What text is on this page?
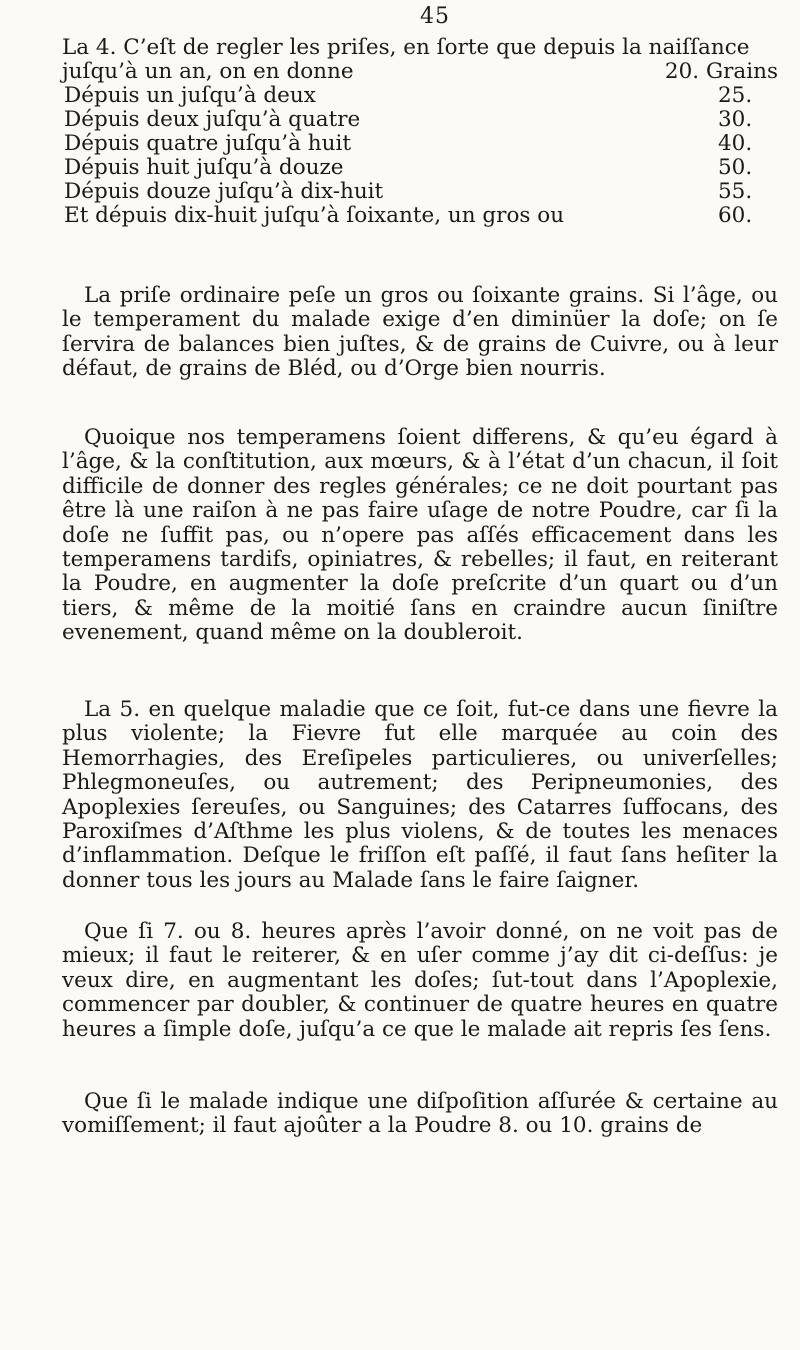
45
La 4. C’eſt de regler les priſes, en ſorte que depuis la naiſſance
juſqu’à un an, on en donne	20. Grains
Dépuis un juſqu’à deux	25.
Dépuis deux juſqu’à quatre	30.
Dépuis quatre juſqu’à huit	40.
Dépuis huit juſqu’à douze	50.
Dépuis douze juſqu’à dix-huit	55.
Et dépuis dix-huit juſqu’à ſoixante, un gros ou	60.

La priſe ordinaire peſe un gros ou ſoixante grains. Si l’âge, ou le temperament du malade exige d’en diminüer la doſe; on ſe ſervira de balances bien juſtes, & de grains de Cuivre, ou à leur défaut, de grains de Bléd, ou d’Orge bien nourris.

Quoique nos temperamens ſoient differens, & qu’eu égard à l’âge, & la conſtitution, aux mœurs, & à l’état d’un chacun, il ſoit difficile de donner des regles générales; ce ne doit pourtant pas être là une raiſon à ne pas faire uſage de notre Poudre, car ſi la doſe ne ſuffit pas, ou n’opere pas aſſés efficacement dans les temperamens tardifs, opiniatres, & rebelles; il faut, en reiterant la Poudre, en augmenter la doſe preſcrite d’un quart ou d’un tiers, & même de la moitié ſans en craindre aucun ſiniſtre evenement, quand même on la doubleroit.

La 5. en quelque maladie que ce ſoit, fut-ce dans une fievre la plus violente; la Fievre fut elle marquée au coin des Hemorrhagies, des Ereſipeles particulieres, ou univerſelles; Phlegmoneuſes, ou autrement; des Peripneumonies, des Apoplexies ſereuſes, ou Sanguines; des Catarres ſuffocans, des Paroxiſmes d’Aſthme les plus violens, & de toutes les menaces d’inflammation. Deſque le friſſon eſt paſſé, il faut ſans heſiter la donner tous les jours au Malade ſans le faire ſaigner.

Que ſi 7. ou 8. heures après l’avoir donné, on ne voit pas de mieux; il faut le reiterer, & en uſer comme j’ay dit ci-deſſus: je veux dire, en augmentant les doſes; ſut-tout dans l’Apoplexie, commencer par doubler, & continuer de quatre heures en quatre heures a ſimple doſe, juſqu’a ce que le malade ait repris ſes ſens.

Que ſi le malade indique une diſpoſition aſſurée & certaine au vomiſſement; il faut ajoûter a la Poudre 8. ou 10. grains de
